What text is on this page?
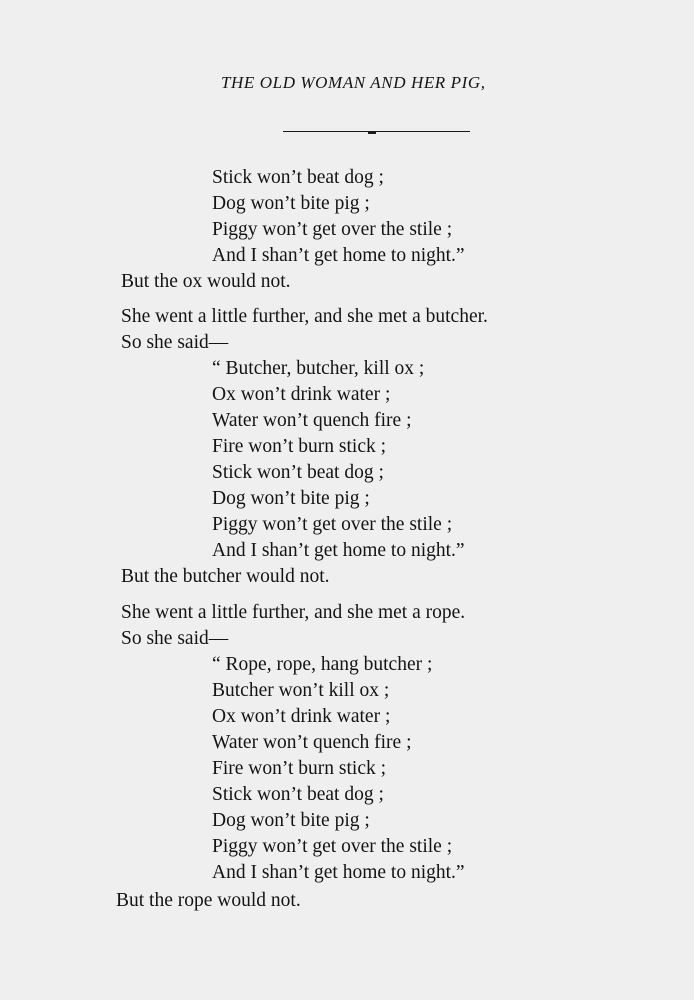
THE OLD WOMAN AND HER PIG,
Stick won’t beat dog ;
Dog won’t bite pig ;
Piggy won’t get over the stile ;
And I shan’t get home to night.”
But the ox would not.
She went a little further, and she met a butcher.
So she said—
“ Butcher, butcher, kill ox ;
Ox won’t drink water ;
Water won’t quench fire ;
Fire won’t burn stick ;
Stick won’t beat dog ;
Dog won’t bite pig ;
Piggy won’t get over the stile ;
And I shan’t get home to night.”
But the butcher would not.
She went a little further, and she met a rope.
So she said—
“ Rope, rope, hang butcher ;
Butcher won’t kill ox ;
Ox won’t drink water ;
Water won’t quench fire ;
Fire won’t burn stick ;
Stick won’t beat dog ;
Dog won’t bite pig ;
Piggy won’t get over the stile ;
And I shan’t get home to night.”
But the rope would not.
